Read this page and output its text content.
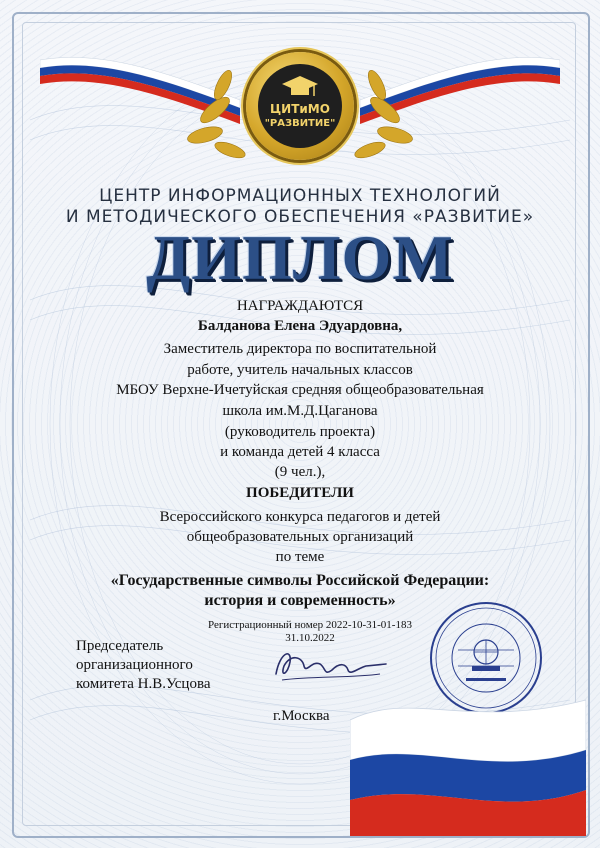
ЦИТиМО
"РАЗВИТИЕ"
ЦЕНТР ИНФОРМАЦИОННЫХ ТЕХНОЛОГИЙ
И МЕТОДИЧЕСКОГО ОБЕСПЕЧЕНИЯ «РАЗВИТИЕ»
ДИПЛОМ
НАГРАЖДАЮТСЯ
Балданова Елена Эдуардовна,
Заместитель директора по воспитательной
работе, учитель начальных классов
МБОУ Верхне-Ичетуйская средняя общеобразовательная
школа им.М.Д.Цаганова
(руководитель проекта)
и команда детей 4 класса
(9 чел.),
ПОБЕДИТЕЛИ
Всероссийского конкурса педагогов и детей
общеобразовательных организаций
по теме
«Государственные символы Российской Федерации:
история и современность»
Регистрационный номер 2022-10-31-01-183
31.10.2022
Председатель
организационного
комитета Н.В.Усцова
г.Москва
